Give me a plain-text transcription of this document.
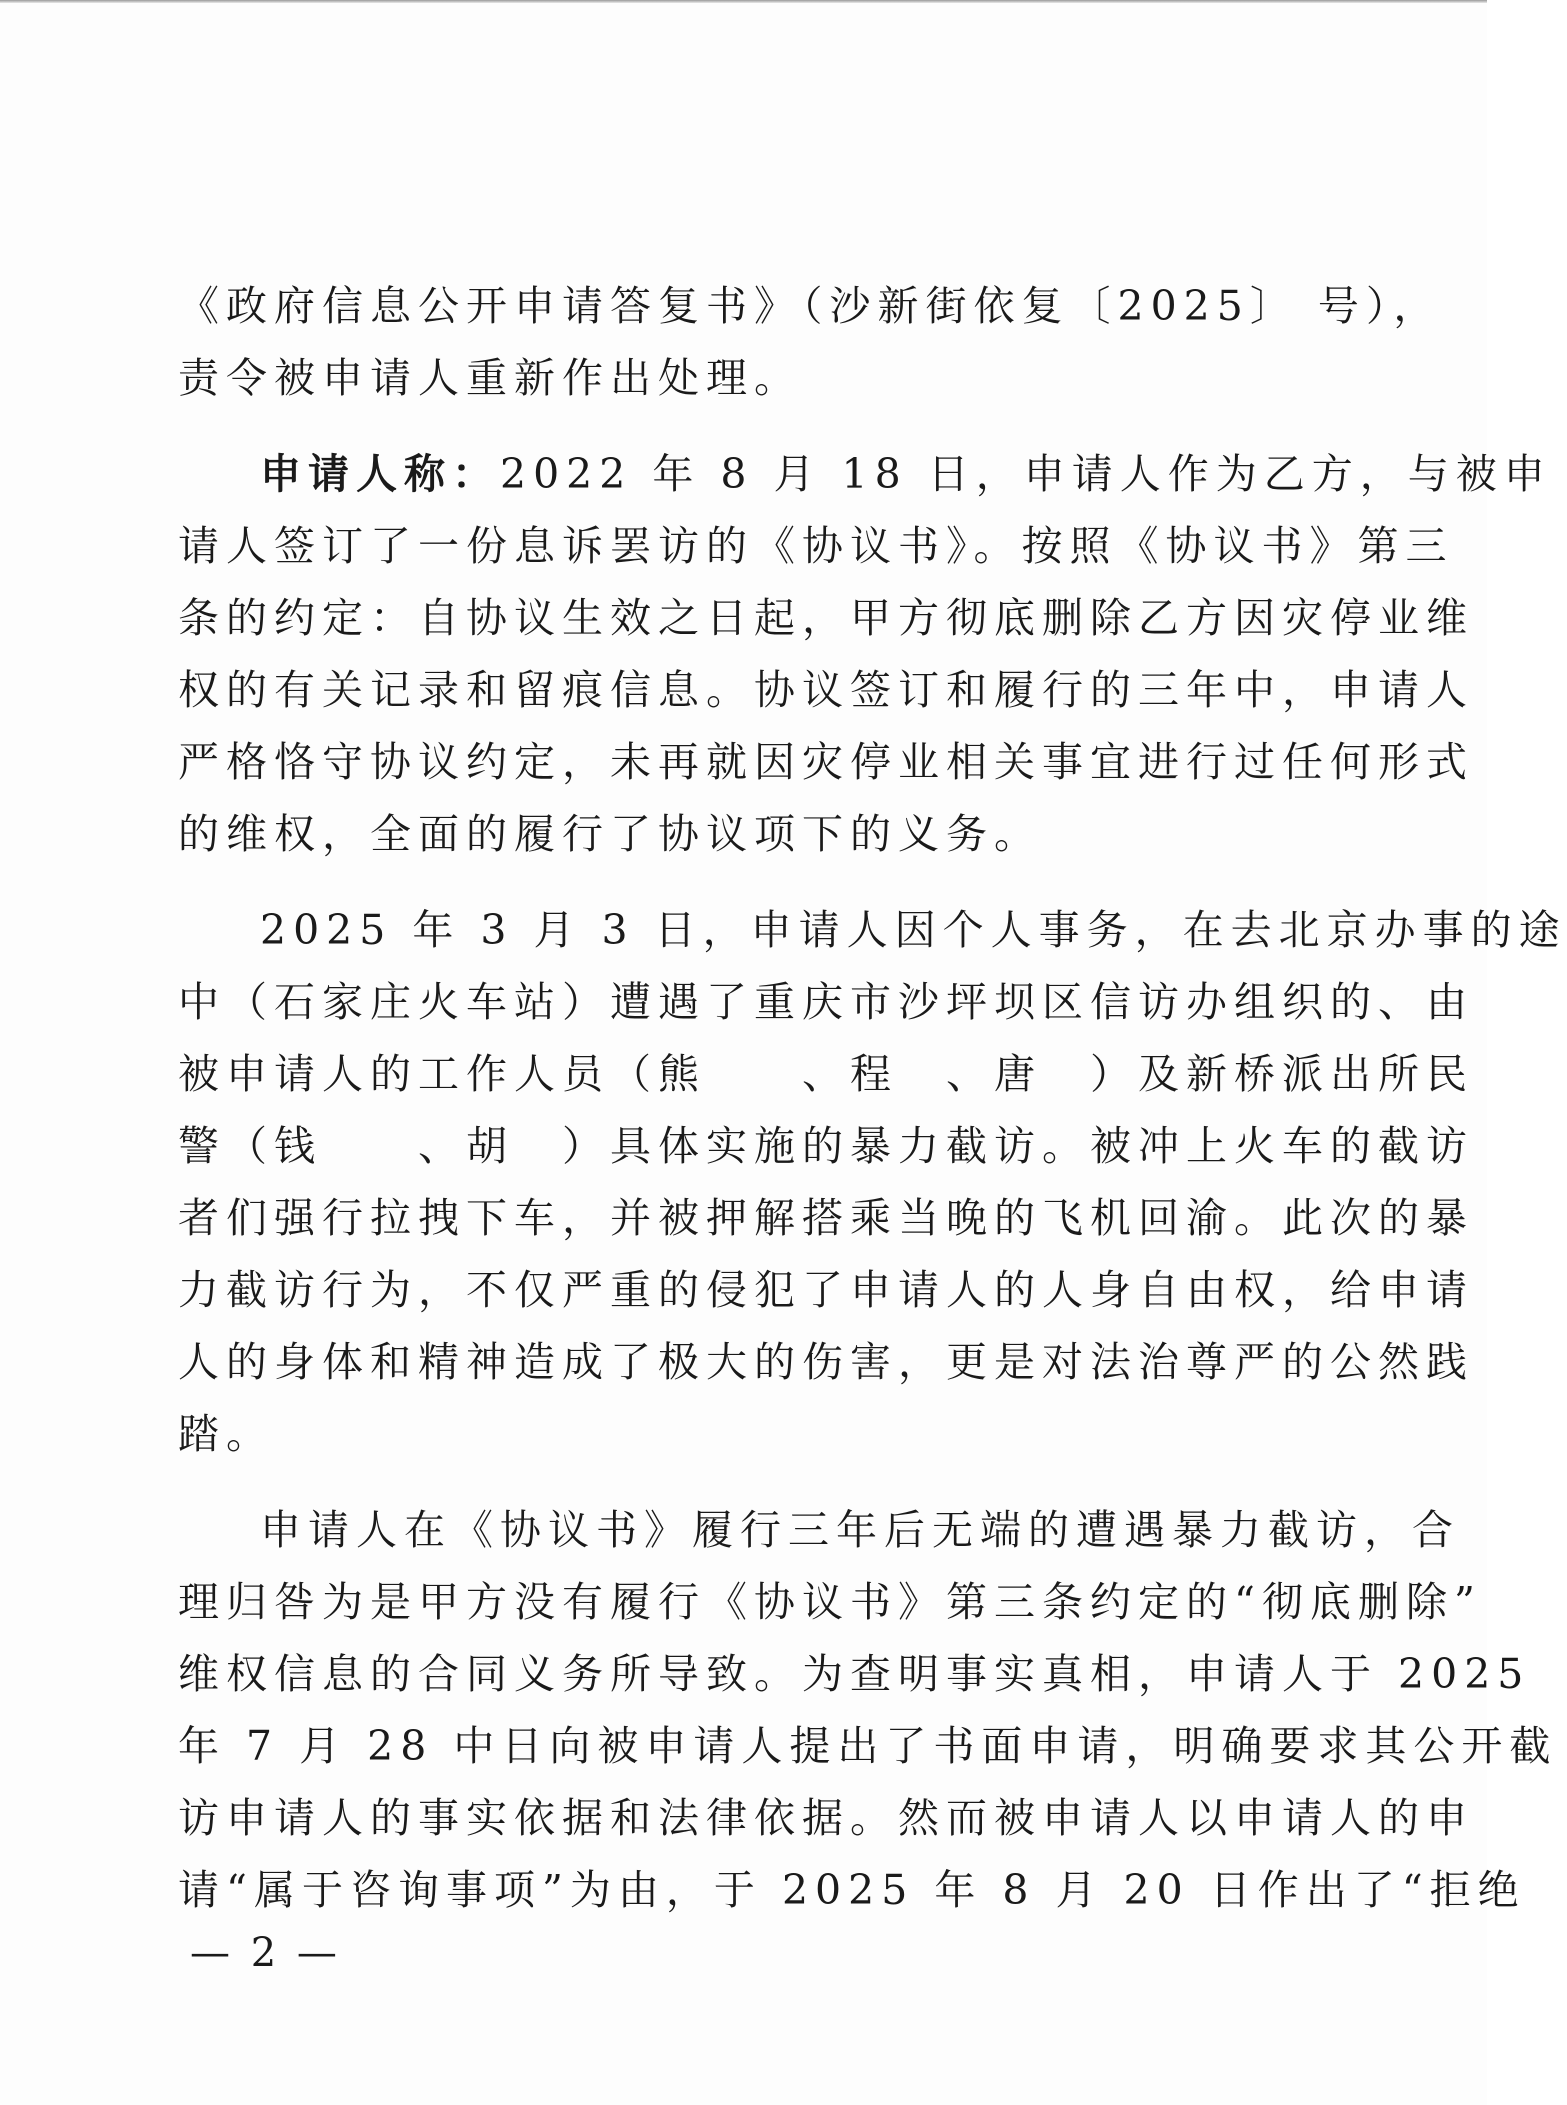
《政府信息公开申请答复书》（沙新街依复〔2025〕 号），
责令被申请人重新作出处理。
申请人称：2022 年 8 月 18 日，申请人作为乙方，与被申
请人签订了一份息诉罢访的《协议书》。按照《协议书》第三
条的约定：自协议生效之日起，甲方彻底删除乙方因灾停业维
权的有关记录和留痕信息。协议签订和履行的三年中，申请人
严格恪守协议约定，未再就因灾停业相关事宜进行过任何形式
的维权，全面的履行了协议项下的义务。
2025 年 3 月 3 日，申请人因个人事务，在去北京办事的途
中（石家庄火车站）遭遇了重庆市沙坪坝区信访办组织的、由
被申请人的工作人员（熊　　、程　、唐　）及新桥派出所民
警（钱　　、胡　）具体实施的暴力截访。被冲上火车的截访
者们强行拉拽下车，并被押解搭乘当晚的飞机回渝。此次的暴
力截访行为，不仅严重的侵犯了申请人的人身自由权，给申请
人的身体和精神造成了极大的伤害，更是对法治尊严的公然践
踏。
申请人在《协议书》履行三年后无端的遭遇暴力截访，合
理归咎为是甲方没有履行《协议书》第三条约定的“彻底删除”
维权信息的合同义务所导致。为查明事实真相，申请人于 2025
年 7 月 28 中日向被申请人提出了书面申请，明确要求其公开截
访申请人的事实依据和法律依据。然而被申请人以申请人的申
请“属于咨询事项”为由，于 2025 年 8 月 20 日作出了“拒绝
— 2 —
